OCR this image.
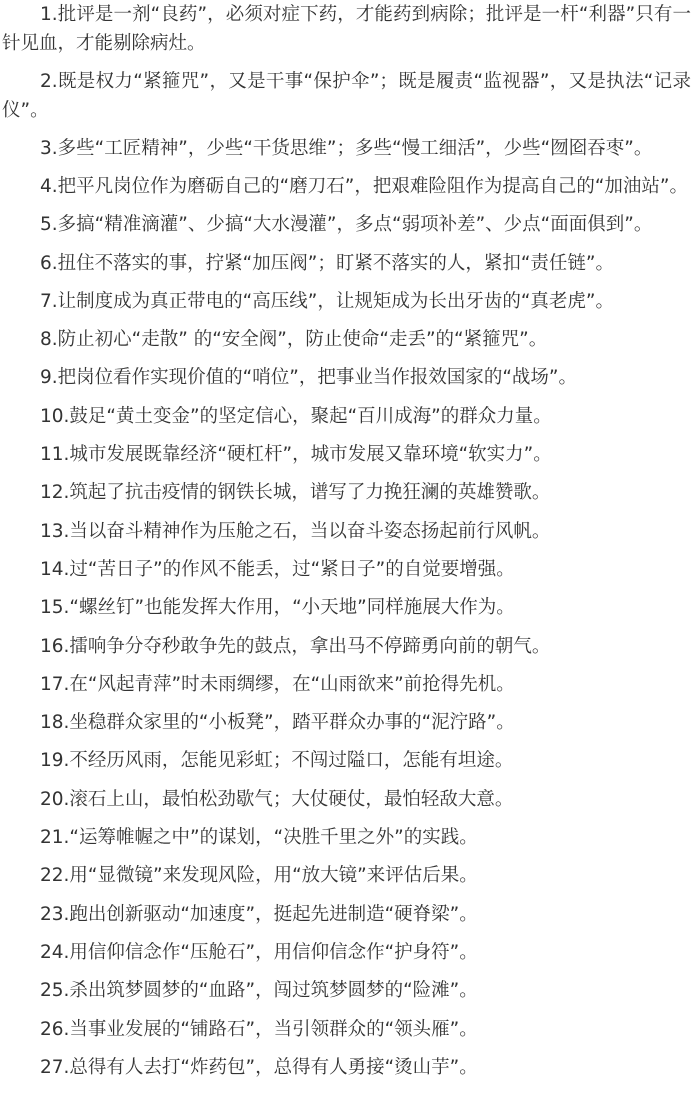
1.批评是一剂“良药”，必须对症下药，才能药到病除；批评是一杆“利器”只有一针见血，才能剔除病灶。

2.既是权力“紧箍咒”，又是干事“保护伞”；既是履责“监视器”，又是执法“记录仪”。

3.多些“工匠精神”，少些“干货思维”；多些“慢工细活”，少些“囫囵吞枣”。

4.把平凡岗位作为磨砺自己的“磨刀石”，把艰难险阻作为提高自己的“加油站”。

5.多搞“精准滴灌”、少搞“大水漫灌”，多点“弱项补差”、少点“面面俱到”。

6.扭住不落实的事，拧紧“加压阀”；盯紧不落实的人，紧扣“责任链”。

7.让制度成为真正带电的“高压线”，让规矩成为长出牙齿的“真老虎”。

8.防止初心“走散” 的“安全阀”，防止使命“走丢”的“紧箍咒”。

9.把岗位看作实现价值的“哨位”，把事业当作报效国家的“战场”。

10.鼓足“黄土变金”的坚定信心，聚起“百川成海”的群众力量。

11.城市发展既靠经济“硬杠杆”，城市发展又靠环境“软实力”。

12.筑起了抗击疫情的钢铁长城，谱写了力挽狂澜的英雄赞歌。

13.当以奋斗精神作为压舱之石，当以奋斗姿态扬起前行风帆。

14.过“苦日子”的作风不能丢，过“紧日子”的自觉要增强。

15.“螺丝钉”也能发挥大作用，“小天地”同样施展大作为。

16.擂响争分夺秒敢争先的鼓点，拿出马不停蹄勇向前的朝气。

17.在“风起青萍”时未雨绸缪，在“山雨欲来”前抢得先机。

18.坐稳群众家里的“小板凳”，踏平群众办事的“泥泞路”。

19.不经历风雨，怎能见彩虹；不闯过隘口，怎能有坦途。

20.滚石上山，最怕松劲歇气；大仗硬仗，最怕轻敌大意。

21.“运筹帷幄之中”的谋划，“决胜千里之外”的实践。

22.用“显微镜”来发现风险，用“放大镜”来评估后果。

23.跑出创新驱动“加速度”，挺起先进制造“硬脊梁”。

24.用信仰信念作“压舱石”，用信仰信念作“护身符”。

25.杀出筑梦圆梦的“血路”，闯过筑梦圆梦的“险滩”。

26.当事业发展的“铺路石”，当引领群众的“领头雁”。

27.总得有人去打“炸药包”，总得有人勇接“烫山芋”。
